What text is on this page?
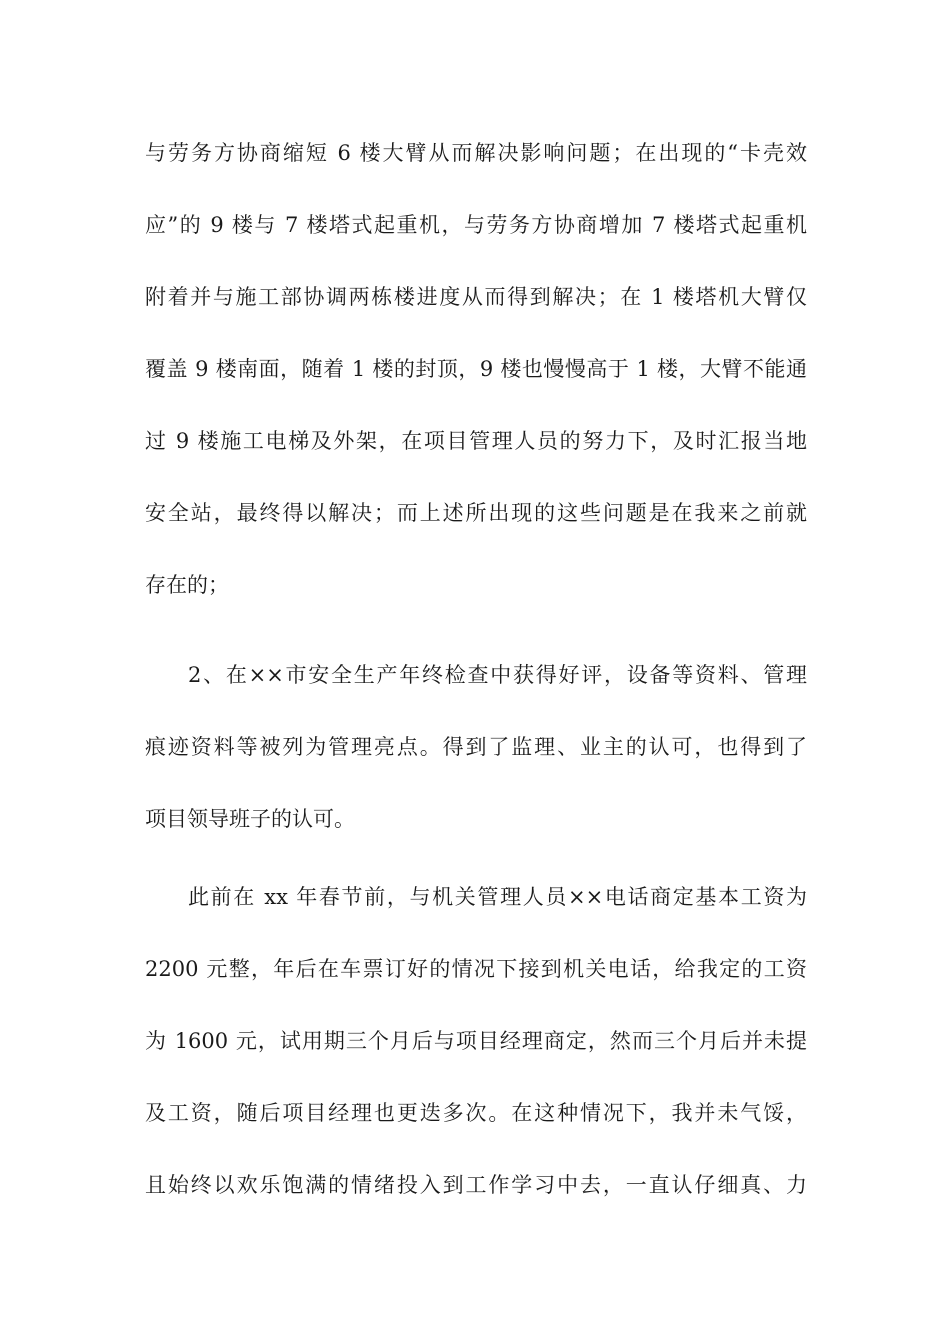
与劳务方协商缩短 6 楼大臂从而解决影响问题；在出现的“卡壳效
应”的 9 楼与 7 楼塔式起重机，与劳务方协商增加 7 楼塔式起重机
附着并与施工部协调两栋楼进度从而得到解决；在 1 楼塔机大臂仅
覆盖 9 楼南面，随着 1 楼的封顶，9 楼也慢慢高于 1 楼，大臂不能通
过 9 楼施工电梯及外架，在项目管理人员的努力下，及时汇报当地
安全站，最终得以解决；而上述所出现的这些问题是在我来之前就
存在的；
2、在××市安全生产年终检查中获得好评，设备等资料、管理
痕迹资料等被列为管理亮点。得到了监理、业主的认可，也得到了
项目领导班子的认可。
此前在 xx 年春节前，与机关管理人员××电话商定基本工资为
2200 元整，年后在车票订好的情况下接到机关电话，给我定的工资
为 1600 元，试用期三个月后与项目经理商定，然而三个月后并未提
及工资，随后项目经理也更迭多次。在这种情况下，我并未气馁，
且始终以欢乐饱满的情绪投入到工作学习中去，一直认仔细真、力
